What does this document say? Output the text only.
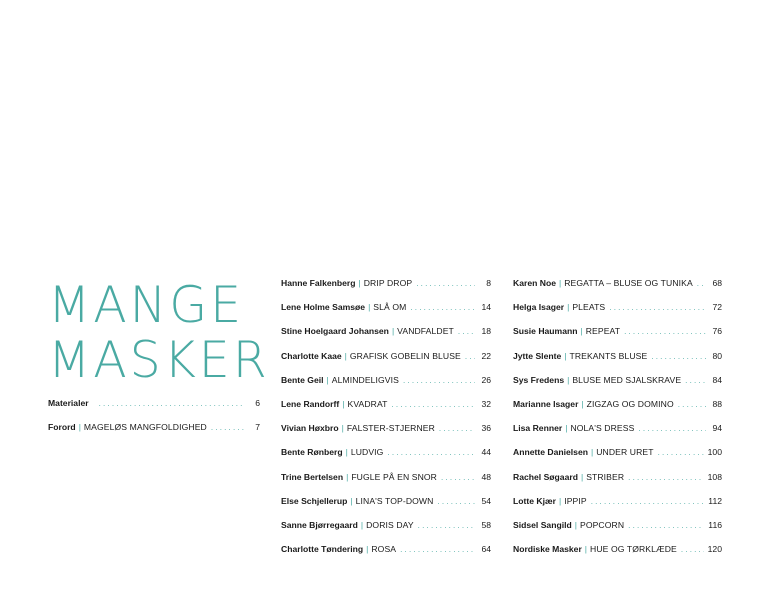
MANGE
MASKER
Materialer .....	6
Forord | MAGELØS MANGFOLDIGHED .....	7
Hanne Falkenberg | DRIP DROP .....	8
Lene Holme Samsøe | SLÅ OM .....	14
Stine Hoelgaard Johansen | VANDFALDET .....	18
Charlotte Kaae | GRAFISK GOBELIN BLUSE ..... 22
Bente Geil | ALMINDELIGVIS .....	26
Lene Randorff | KVADRAT .....	32
Vivian Høxbro | FALSTER-STJERNER .....	36
Bente Rønberg | LUDVIG .....	44
Trine Bertelsen | FUGLE PÅ EN SNOR .....	48
Else Schjellerup | LINA'S TOP-DOWN .....	54
Sanne Bjørregaard | DORIS DAY .....	58
Charlotte Tøndering | ROSA .....	64
Karen Noe | REGATTA – BLUSE OG TUNIKA ..... 68
Helga Isager | PLEATS .....	72
Susie Haumann | REPEAT .....	76
Jytte Slente | TREKANTS BLUSE .....	80
Sys Fredens | BLUSE MED SJALSKRAVE .....	84
Marianne Isager | ZIGZAG OG DOMINO .....	88
Lisa Renner | NOLA'S DRESS .....	94
Annette Danielsen | UNDER URET .....	100
Rachel Søgaard | STRIBER .....	108
Lotte Kjær | IPPIP .....	112
Sidsel Sangild | POPCORN .....	116
Nordiske Masker | HUE OG TØRKLÆDE .....	120
